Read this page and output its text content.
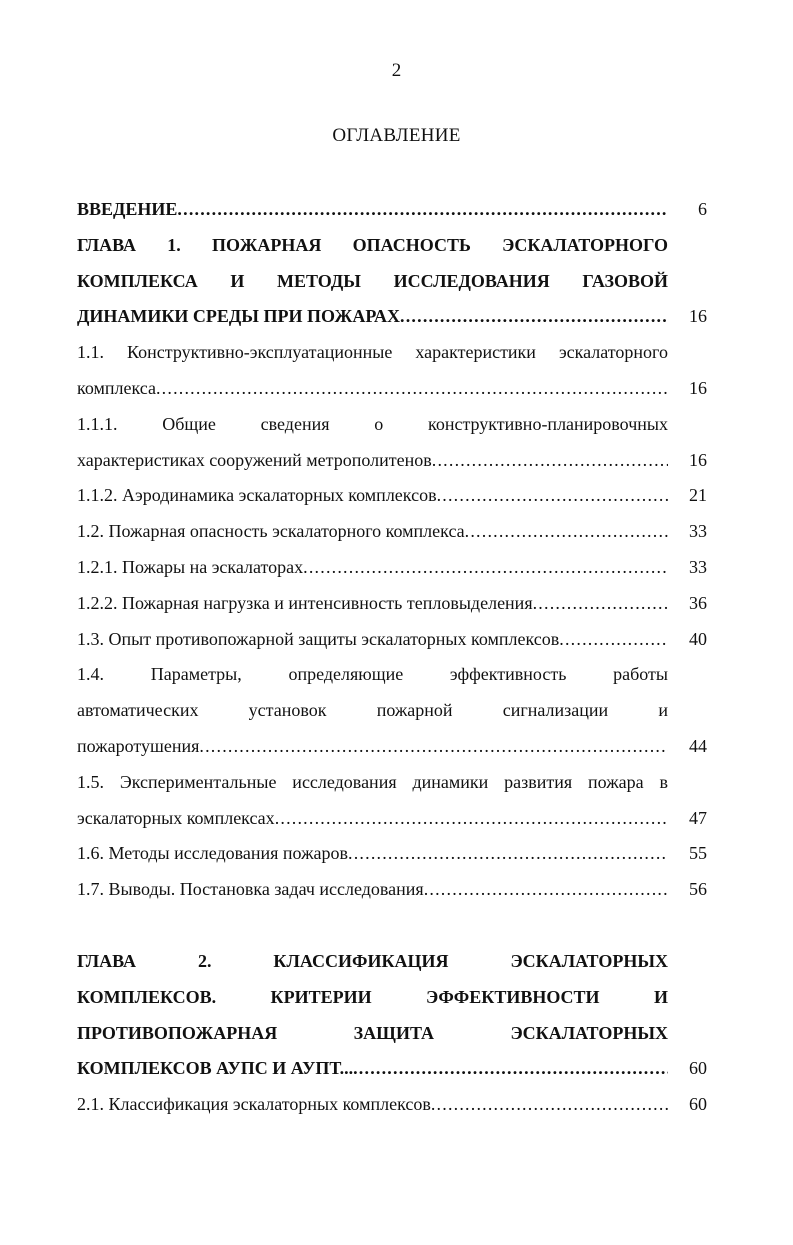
2
ОГЛАВЛЕНИЕ
ВВЕДЕНИЕ .....	6
ГЛАВА 1. ПОЖАРНАЯ ОПАСНОСТЬ ЭСКАЛАТОРНОГО
КОМПЛЕКСА И МЕТОДЫ ИССЛЕДОВАНИЯ ГАЗОВОЙ
ДИНАМИКИ СРЕДЫ ПРИ ПОЖАРАХ .....	16
1.1. Конструктивно-эксплуатационные характеристики эскалаторного
комплекса .....	16
1.1.1. Общие сведения о конструктивно-планировочных
характеристиках сооружений метрополитенов .....	16
1.1.2. Аэродинамика эскалаторных комплексов .....	21
1.2. Пожарная опасность эскалаторного комплекса .....	33
1.2.1. Пожары на эскалаторах .....	33
1.2.2. Пожарная нагрузка и интенсивность тепловыделения .....	36
1.3. Опыт противопожарной защиты эскалаторных комплексов .....	40
1.4. Параметры, определяющие эффективность работы
автоматических установок пожарной сигнализации и
пожаротушения .....	44
1.5. Экспериментальные исследования динамики развития пожара в
эскалаторных комплексах .....	47
1.6. Методы исследования пожаров .....	55
1.7. Выводы. Постановка задач исследования .....	56
ГЛАВА 2. КЛАССИФИКАЦИЯ ЭСКАЛАТОРНЫХ
КОМПЛЕКСОВ. КРИТЕРИИ ЭФФЕКТИВНОСТИ И
ПРОТИВОПОЖАРНАЯ ЗАЩИТА ЭСКАЛАТОРНЫХ
КОМПЛЕКСОВ АУПС И АУПТ... .....	60
2.1. Классификация эскалаторных комплексов .....	60
